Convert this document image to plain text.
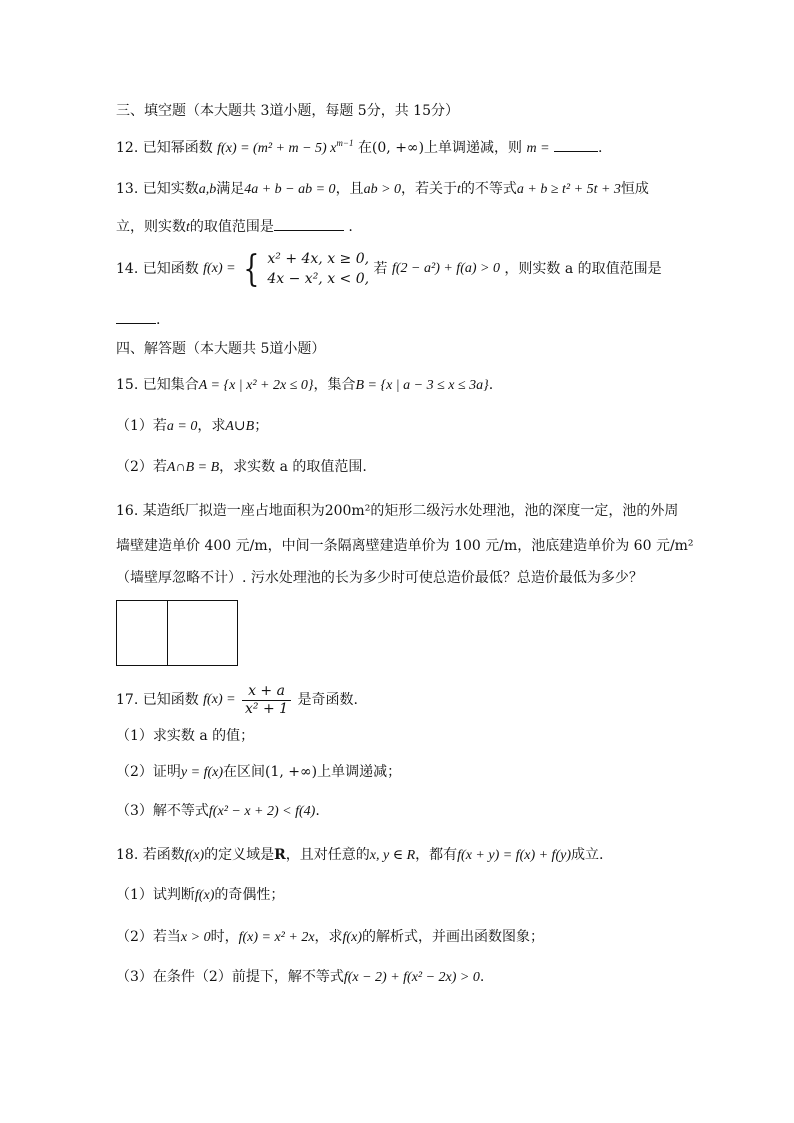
三、填空题（本大题共 3道小题，每题 5分，共 15分）
12. 已知幂函数 f(x) = (m² + m − 5) $x^{m-1}$ 在(0, +∞)上单调递减，则 m =	.
13. 已知实数a,b满足4a + b − ab = 0，且ab > 0，若关于t的不等式a + b ≥ t² + 5t + 3恒成
立，则实数t的取值范围是	.
14. 已知函数 f(x) = { x² + 4x, x ≥ 0,
4x − x², x < 0,
若 f(2 − a²) + f(a) > 0 ，则实数 a 的取值范围是
.
四、解答题（本大题共 5道小题）
15. 已知集合A = {x | x² + 2x ≤ 0}，集合B = {x | a − 3 ≤ x ≤ 3a}.
（1）若a = 0，求A∪B；
（2）若A∩B = B，求实数 a 的取值范围.
16. 某造纸厂拟造一座占地面积为200m²的矩形二级污水处理池，池的深度一定，池的外周
墙壁建造单价 400 元/m，中间一条隔离壁建造单价为 100 元/m，池底建造单价为 60 元/m²
（墙壁厚忽略不计）. 污水处理池的长为多少时可使总造价最低？总造价最低为多少？
17. 已知函数 $f(x) = \frac{x + a}{\text{x² + 1}}$ 是奇函数.
（1）求实数 a 的值；
（2）证明y = f(x)在区间(1, +∞)上单调递减；
（3）解不等式f(x² − x + 2) < f(4).
18. 若函数f(x)的定义域是R，且对任意的x, y ∈ R，都有f(x + y) = f(x) + f(y)成立.
（1）试判断f(x)的奇偶性；
（2）若当x > 0时，f(x) = x² + 2x，求f(x)的解析式，并画出函数图象；
（3）在条件（2）前提下，解不等式f(x − 2) + f(x² − 2x) > 0.
